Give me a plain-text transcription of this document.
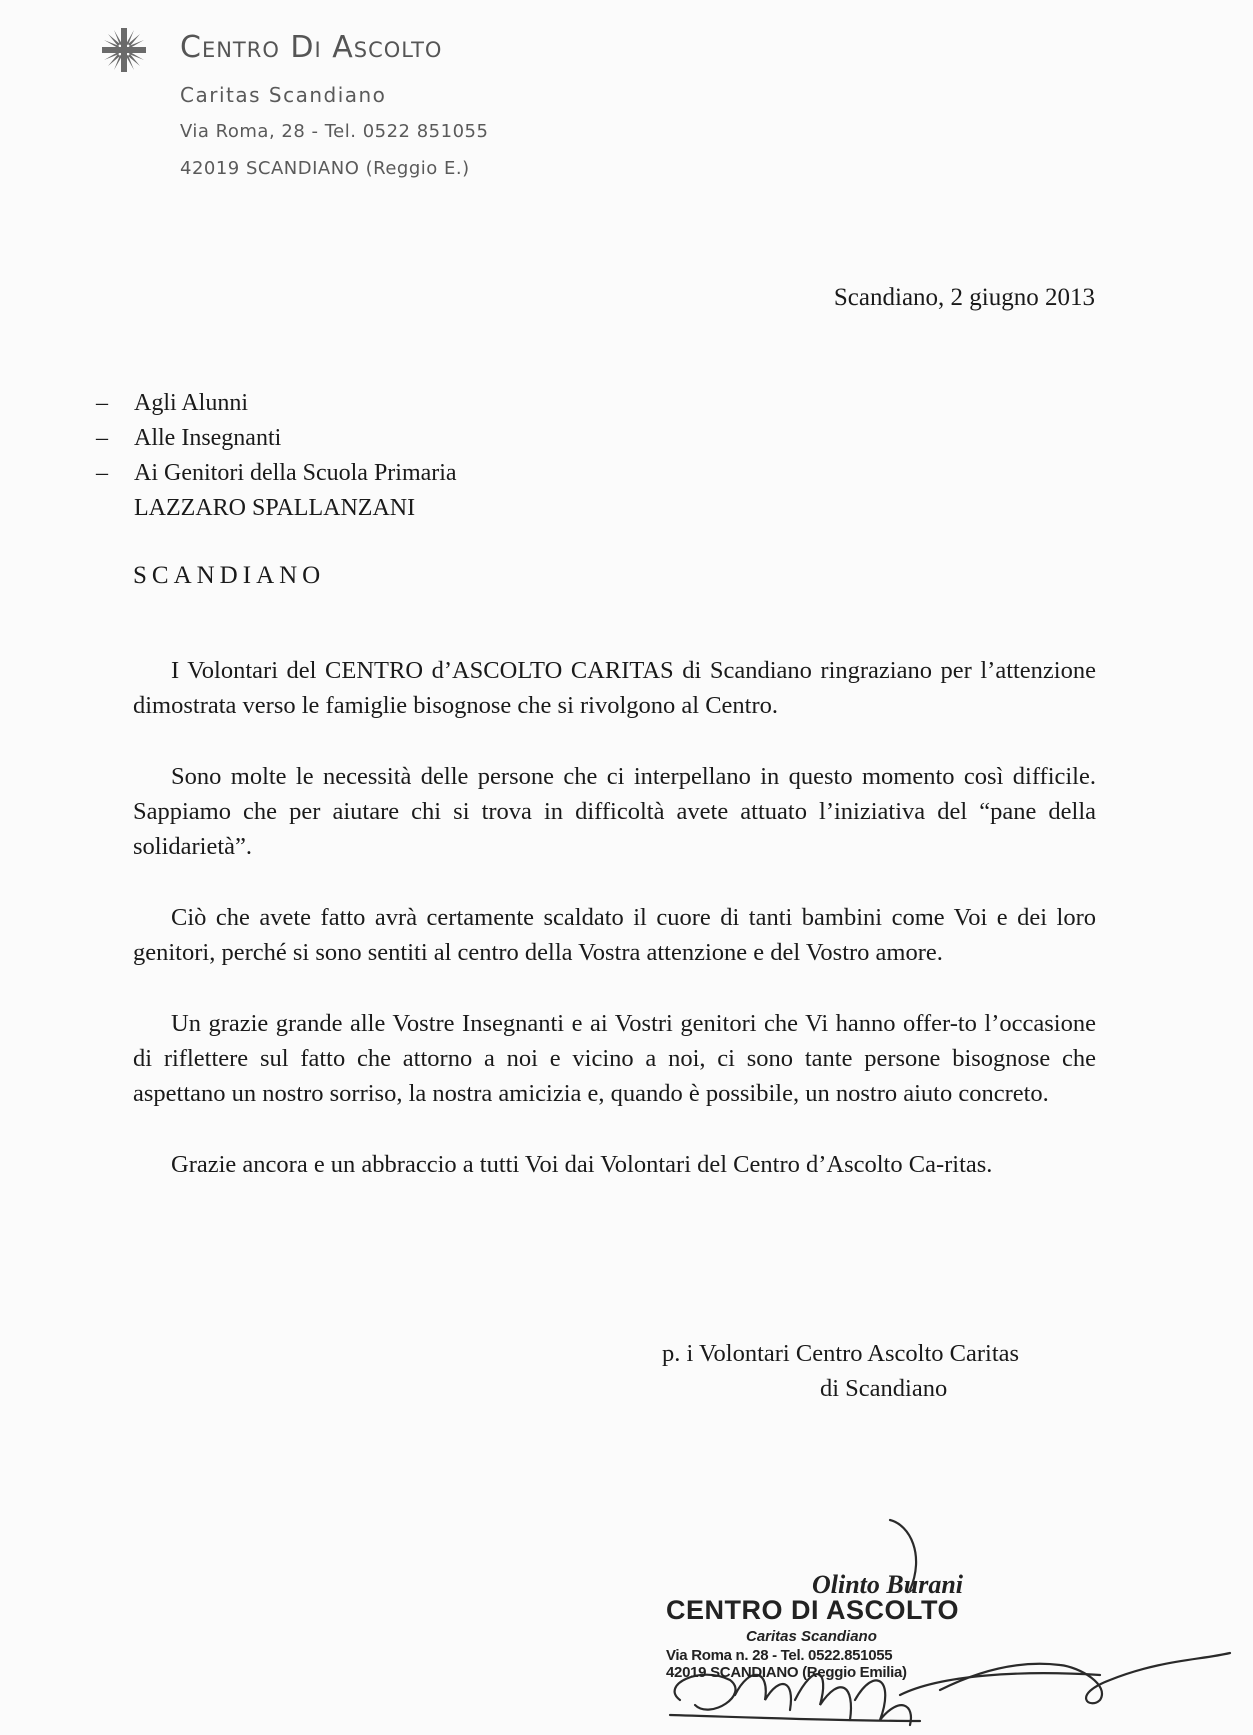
Centro Di Ascolto
Caritas Scandiano
Via Roma, 28 - Tel. 0522 851055
42019 SCANDIANO (Reggio E.)
Scandiano, 2 giugno 2013
– Agli Alunni
– Alle Insegnanti
– Ai Genitori della Scuola Primaria
LAZZARO SPALLANZANI
SCANDIANO

I Volontari del CENTRO d’ASCOLTO CARITAS di Scandiano ringraziano per l’attenzione dimostrata verso le famiglie bisognose che si rivolgono al Centro.

Sono molte le necessità delle persone che ci interpellano in questo momento così difficile. Sappiamo che per aiutare chi si trova in difficoltà avete attuato l’iniziativa del “pane della solidarietà”.

Ciò che avete fatto avrà certamente scaldato il cuore di tanti bambini come Voi e dei loro genitori, perché si sono sentiti al centro della Vostra attenzione e del Vostro amore.

Un grazie grande alle Vostre Insegnanti e ai Vostri genitori che Vi hanno offer-to l’occasione di riflettere sul fatto che attorno a noi e vicino a noi, ci sono tante persone bisognose che aspettano un nostro sorriso, la nostra amicizia e, quando è possibile, un nostro aiuto concreto.

Grazie ancora e un abbraccio a tutti Voi dai Volontari del Centro d’Ascolto Ca-ritas.

p. i Volontari Centro Ascolto Caritas
di Scandiano
Olinto Burani
CENTRO DI ASCOLTO
Caritas Scandiano
Via Roma n. 28 - Tel. 0522.851055
42019 SCANDIANO (Reggio Emilia)
